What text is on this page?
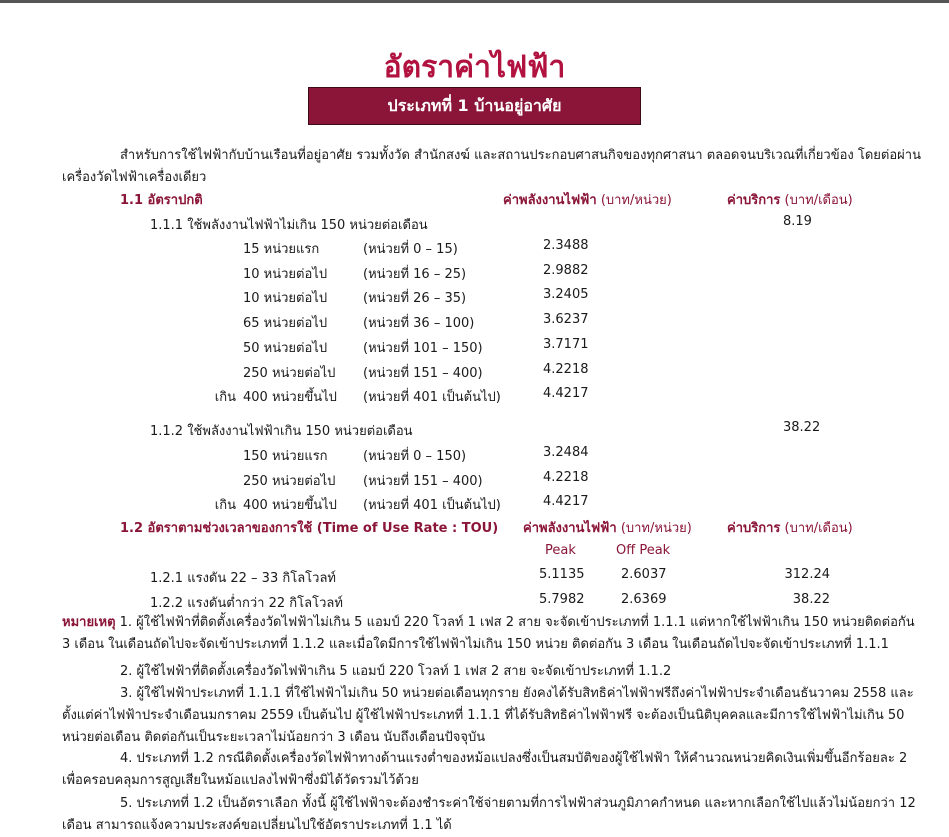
อัตราค่าไฟฟ้า
ประเภทที่ 1 บ้านอยู่อาศัย
สำหรับการใช้ไฟฟ้ากับบ้านเรือนที่อยู่อาศัย รวมทั้งวัด สำนักสงฆ์ และสถานประกอบศาสนกิจของทุกศาสนา ตลอดจนบริเวณที่เกี่ยวข้อง โดยต่อผ่านเครื่องวัดไฟฟ้าเครื่องเดียว
1.1 อัตราปกติ	ค่าพลังงานไฟฟ้า (บาท/หน่วย)	ค่าบริการ (บาท/เดือน)
1.1.1 ใช้พลังงานไฟฟ้าไม่เกิน 150 หน่วยต่อเดือน	8.19
15 หน่วยแรก	(หน่วยที่ 0 – 15)	2.3488
10 หน่วยต่อไป	(หน่วยที่ 16 – 25)	2.9882
10 หน่วยต่อไป	(หน่วยที่ 26 – 35)	3.2405
65 หน่วยต่อไป	(หน่วยที่ 36 – 100)	3.6237
50 หน่วยต่อไป	(หน่วยที่ 101 – 150)	3.7171
250 หน่วยต่อไป (หน่วยที่ 151 – 400)	4.2218
เกิน 400 หน่วยขึ้นไป (หน่วยที่ 401 เป็นต้นไป)	4.4217
1.1.2 ใช้พลังงานไฟฟ้าเกิน 150 หน่วยต่อเดือน	38.22
150 หน่วยแรก	(หน่วยที่ 0 – 150)	3.2484
250 หน่วยต่อไป (หน่วยที่ 151 – 400)	4.2218
เกิน 400 หน่วยขึ้นไป (หน่วยที่ 401 เป็นต้นไป)	4.4217
1.2 อัตราตามช่วงเวลาของการใช้ (Time of Use Rate : TOU) ค่าพลังงานไฟฟ้า (บาท/หน่วย)	ค่าบริการ (บาท/เดือน)
Peak	Off Peak
1.2.1 แรงดัน 22 – 33 กิโลโวลท์	5.1135	2.6037	312.24
1.2.2 แรงดันต่ำกว่า 22 กิโลโวลท์	5.7982	2.6369	38.22
หมายเหตุ 1. ผู้ใช้ไฟฟ้าที่ติดตั้งเครื่องวัดไฟฟ้าไม่เกิน 5 แอมป์ 220 โวลท์ 1 เฟส 2 สาย จะจัดเข้าประเภทที่ 1.1.1 แต่หากใช้ไฟฟ้าเกิน 150 หน่วยติดต่อกัน 3 เดือน ในเดือนถัดไปจะจัดเข้าประเภทที่ 1.1.2 และเมื่อใดมีการใช้ไฟฟ้าไม่เกิน 150 หน่วย ติดต่อกัน 3 เดือน ในเดือนถัดไปจะจัดเข้าประเภทที่ 1.1.1
2. ผู้ใช้ไฟฟ้าที่ติดตั้งเครื่องวัดไฟฟ้าเกิน 5 แอมป์ 220 โวลท์ 1 เฟส 2 สาย จะจัดเข้าประเภทที่ 1.1.2
3. ผู้ใช้ไฟฟ้าประเภทที่ 1.1.1 ที่ใช้ไฟฟ้าไม่เกิน 50 หน่วยต่อเดือนทุกราย ยังคงได้รับสิทธิค่าไฟฟ้าฟรีถึงค่าไฟฟ้าประจำเดือนธันวาคม 2558 และตั้งแต่ค่าไฟฟ้าประจำเดือนมกราคม 2559 เป็นต้นไป ผู้ใช้ไฟฟ้าประเภทที่ 1.1.1 ที่ได้รับสิทธิค่าไฟฟ้าฟรี จะต้องเป็นนิติบุคคลและมีการใช้ไฟฟ้าไม่เกิน 50 หน่วยต่อเดือน ติดต่อกันเป็นระยะเวลาไม่น้อยกว่า 3 เดือน นับถึงเดือนปัจจุบัน
4. ประเภทที่ 1.2 กรณีติดตั้งเครื่องวัดไฟฟ้าทางด้านแรงต่ำของหม้อแปลงซึ่งเป็นสมบัติของผู้ใช้ไฟฟ้า ให้คำนวณหน่วยคิดเงินเพิ่มขึ้นอีกร้อยละ 2 เพื่อครอบคลุมการสูญเสียในหม้อแปลงไฟฟ้าซึ่งมิได้วัดรวมไว้ด้วย
5. ประเภทที่ 1.2 เป็นอัตราเลือก ทั้งนี้ ผู้ใช้ไฟฟ้าจะต้องชำระค่าใช้จ่ายตามที่การไฟฟ้าส่วนภูมิภาคกำหนด และหากเลือกใช้ไปแล้วไม่น้อยกว่า 12 เดือน สามารถแจ้งความประสงค์ขอเปลี่ยนไปใช้อัตราประเภทที่ 1.1 ได้
